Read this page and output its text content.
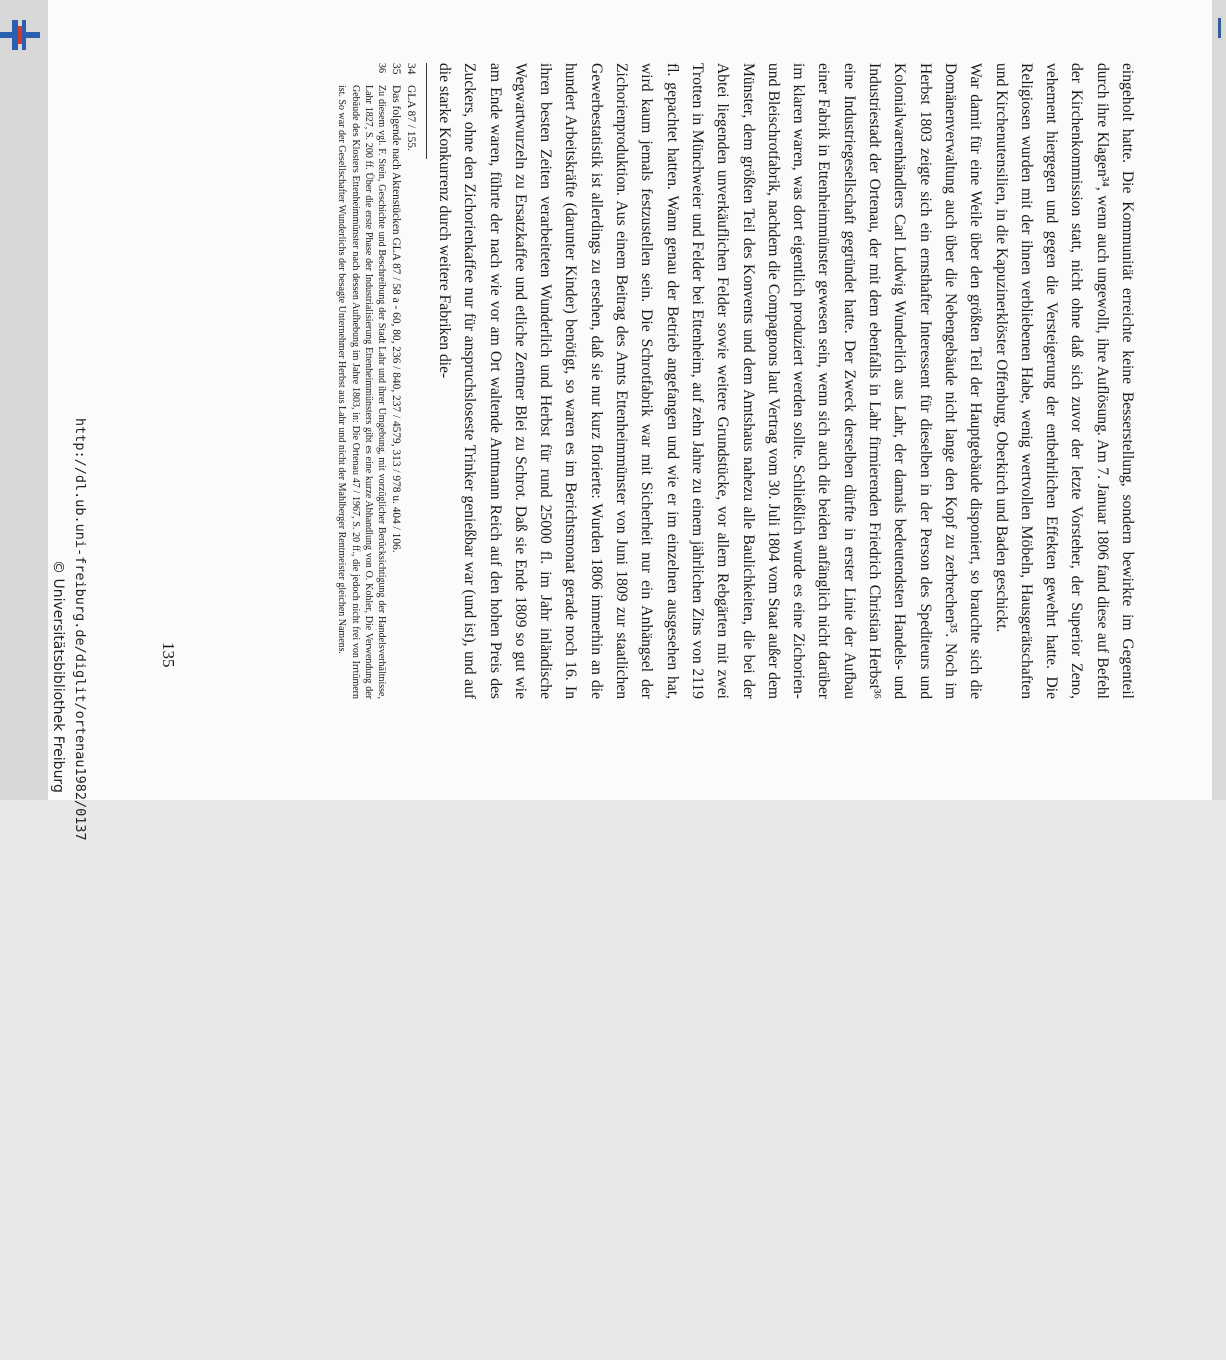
eingeholt hatte. Die Kommunität erreichte keine Besserstellung, sondern bewirkte im Gegenteil durch ihre Klagen³⁴, wenn auch ungewollt, ihre Auflösung. Am 7. Januar 1806 fand diese auf Befehl der Kirchenkommission statt, nicht ohne daß sich zuvor der letzte Vorsteher, der Superior Zeno, vehement hiergegen und gegen die Versteigerung der entbehrlichen Effekten gewehrt hatte. Die Religiosen wurden mit der ihnen verbliebenen Habe, wenig wertvollen Möbeln, Hausgerätschaften und Kirchenutensilien, in die Kapuzinerklöster Offenburg, Oberkirch und Baden geschickt.

War damit für eine Weile über den größten Teil der Hauptgebäude disponiert, so brauchte sich die Domänenverwaltung auch über die Nebengebäude nicht lange den Kopf zu zerbrechen³⁵. Noch im Herbst 1803 zeigte sich ein ernsthafter Interessent für dieselben in der Person des Spediteurs und Kolonialwarenhändlers Carl Ludwig Wunderlich aus Lahr, der damals bedeutendsten Handels- und Industriestadt der Ortenau, der mit dem ebenfalls in Lahr firmierenden Friedrich Christian Herbst³⁶ eine Industriegesellschaft gegründet hatte. Der Zweck derselben dürfte in erster Linie der Aufbau einer Fabrik in Ettenheimmünster gewesen sein, wenn sich auch die beiden anfänglich nicht darüber im klaren waren, was dort eigentlich produziert werden sollte. Schließlich wurde es eine Zichorien- und Bleischrotfabrik, nachdem die Compagnons laut Vertrag vom 30. Juli 1804 vom Staat außer dem Münster, dem größten Teil des Konvents und dem Amtshaus nahezu alle Baulichkeiten, die bei der Abtei liegenden unverkäuflichen Felder sowie weitere Grundstücke, vor allem Rebgärten mit zwei Trotten in Münchweier und Felder bei Ettenheim, auf zehn Jahre zu einem jährlichen Zins von 2119 fl. gepachtet hatten. Wann genau der Betrieb angefangen und wie er im einzelnen ausgesehen hat, wird kaum jemals festzustellen sein. Die Schrotfabrik war mit Sicherheit nur ein Anhängsel der Zichorienproduktion. Aus einem Beitrag des Amts Ettenheimmünster von Juni 1809 zur staatlichen Gewerbestatistik ist allerdings zu ersehen, daß sie nur kurz florierte: Wurden 1806 immerhin an die hundert Arbeitskräfte (darunter Kinder) benötigt, so waren es im Berichtsmonat gerade noch 16. In ihren besten Zeiten verarbeiteten Wunderlich und Herbst für rund 25000 fl. im Jahr inländische Wegwartwurzeln zu Ersatzkaffee und etliche Zentner Blei zu Schrot. Daß sie Ende 1809 so gut wie am Ende waren, führte der nach wie vor am Ort waltende Amtmann Reich auf den hohen Preis des Zuckers, ohne den Zichorienkaffee nur für anspruchsloseste Trinker genießbar war (und ist), und auf die starke Konkurrenz durch weitere Fabriken die-

34
GLA 87 / 155.
35
Das folgende nach Aktenstücken GLA 87 / 58 a - 60, 80, 236 / 840, 237 / 4579, 313 / 978 u. 404 / 106.
36
Zu diesem vgl. F. Stein, Geschichte und Beschreibung der Stadt Lahr und ihrer Umgebung, mit vorzüglicher Berücksichtigung der Handelsverhältnisse, Lahr 1827, S. 200 ff. Über die erste Phase der Industrialisierung Ettenheimmünsters gibt es eine kurze Abhandlung von O. Kohler, Die Verwendung der Gebäude des Klosters Ettenheimmünster nach dessen Aufhebung im Jahre 1803, in: Die Ortenau 47 / 1967, S. 20 ff., die jedoch nicht frei von Irrtümern ist. So war der Gesellschafter Wunderlichs der besagte Unternehmer Herbst aus Lahr und nicht der Mahlberger Rentmeister gleichen Namens.
135
http://dl.ub.uni-freiburg.de/diglit/ortenau1982/0137
© Universitätsbibliothek Freiburg
